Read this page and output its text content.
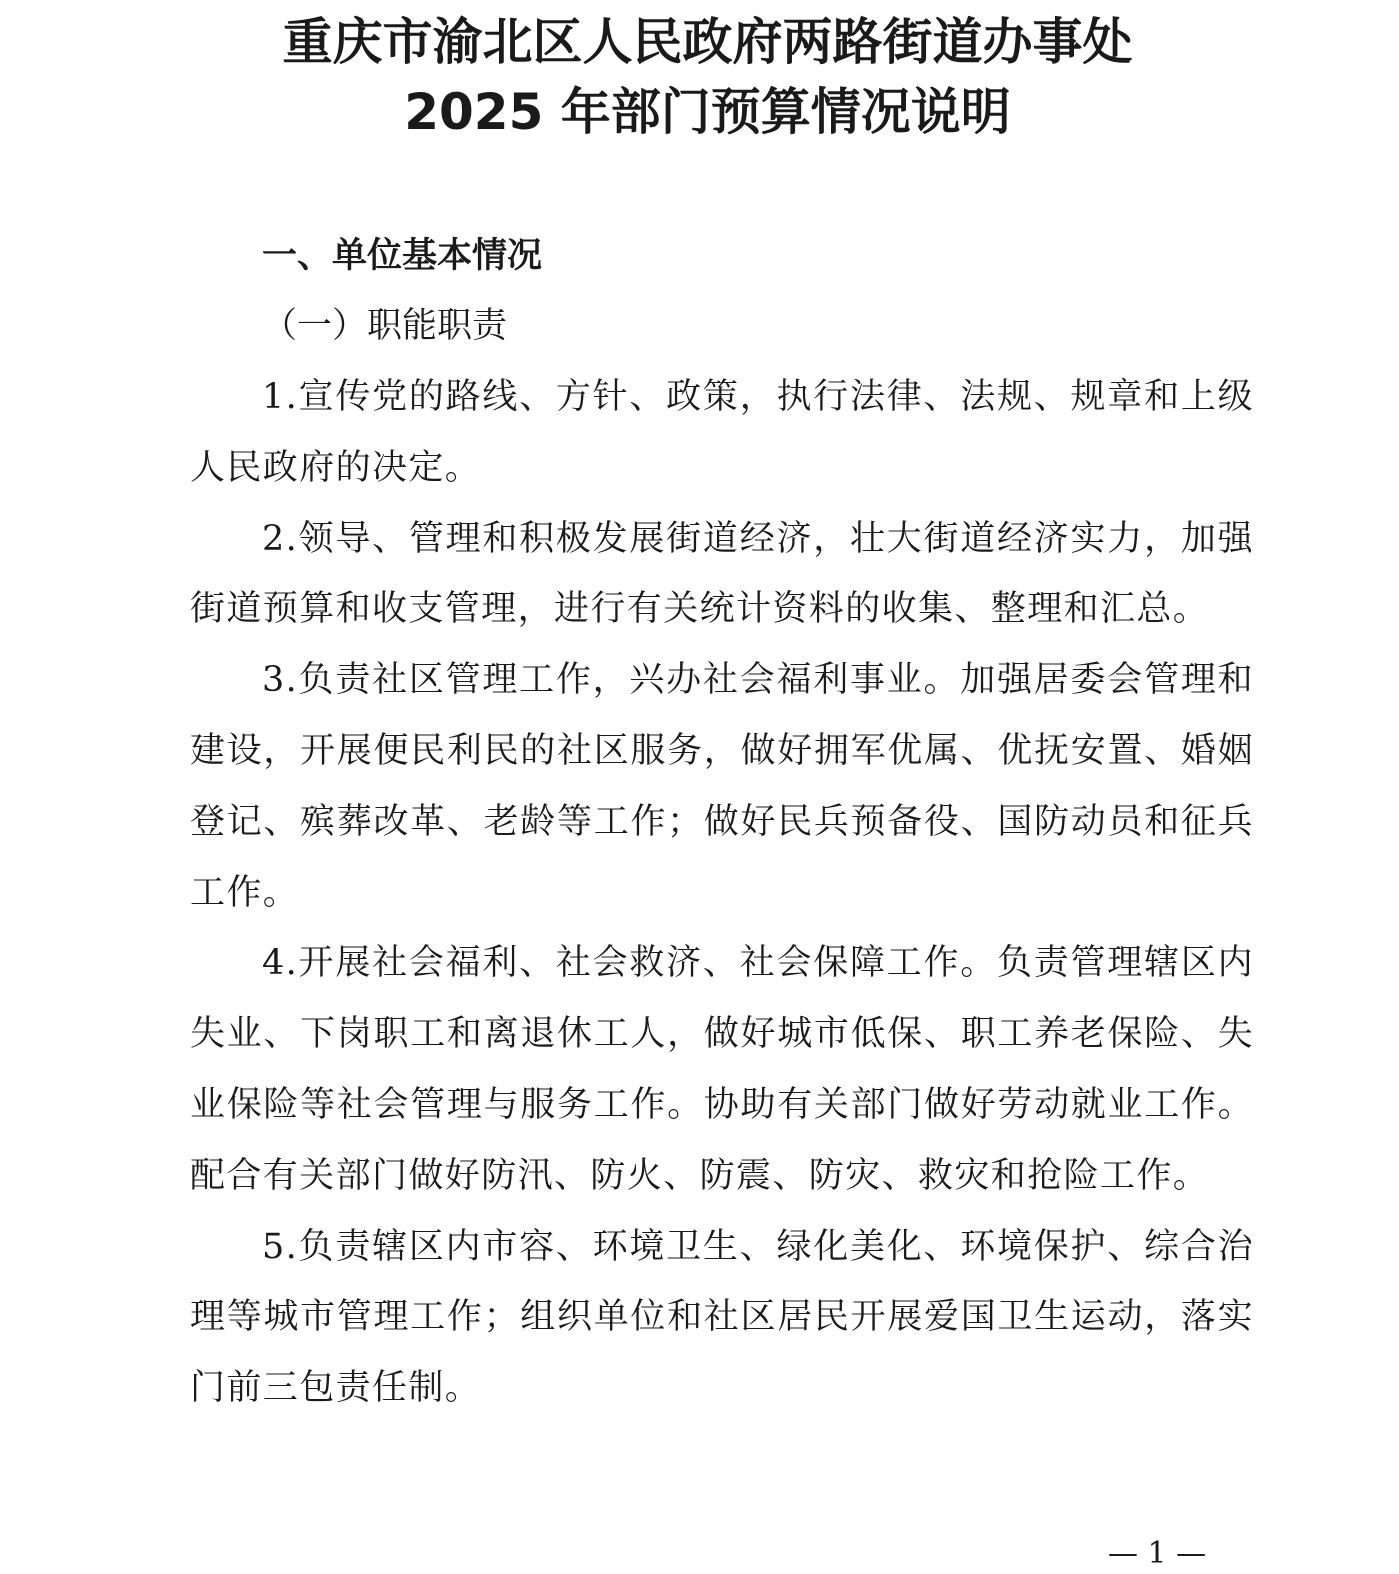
重庆市渝北区人民政府两路街道办事处
2025 年部门预算情况说明
一、单位基本情况
（一）职能职责

1.宣传党的路线、方针、政策，执行法律、法规、规章和上级人民政府的决定。

2.领导、管理和积极发展街道经济，壮大街道经济实力，加强街道预算和收支管理，进行有关统计资料的收集、整理和汇总。

3.负责社区管理工作，兴办社会福利事业。加强居委会管理和建设，开展便民利民的社区服务，做好拥军优属、优抚安置、婚姻登记、殡葬改革、老龄等工作；做好民兵预备役、国防动员和征兵工作。

4.开展社会福利、社会救济、社会保障工作。负责管理辖区内失业、下岗职工和离退休工人，做好城市低保、职工养老保险、失业保险等社会管理与服务工作。协助有关部门做好劳动就业工作。配合有关部门做好防汛、防火、防震、防灾、救灾和抢险工作。

5.负责辖区内市容、环境卫生、绿化美化、环境保护、综合治理等城市管理工作；组织单位和社区居民开展爱国卫生运动，落实门前三包责任制。

— 1 —
